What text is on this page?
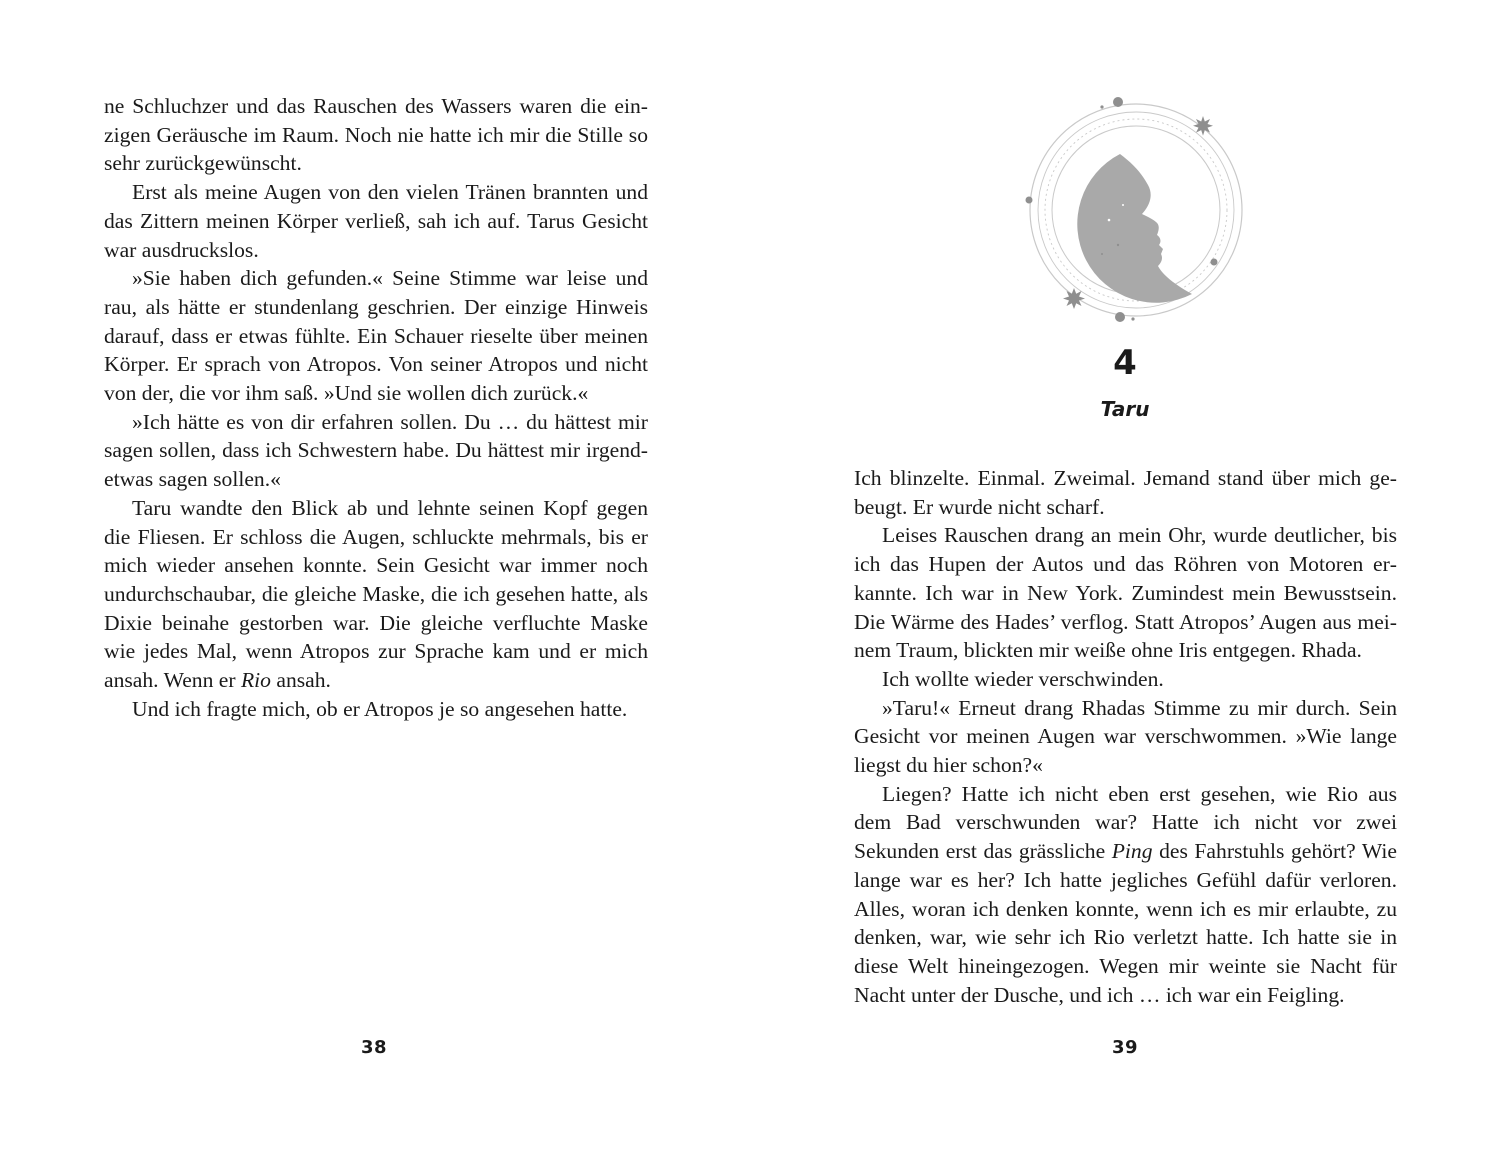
ne Schluchzer und das Rauschen des Wassers waren die einzigen Geräusche im Raum. Noch nie hatte ich mir die Stille so sehr zurückgewünscht.

Erst als meine Augen von den vielen Tränen brannten und das Zittern meinen Körper verließ, sah ich auf. Tarus Gesicht war ausdruckslos.

»Sie haben dich gefunden.« Seine Stimme war leise und rau, als hätte er stundenlang geschrien. Der einzige Hinweis darauf, dass er etwas fühlte. Ein Schauer rieselte über meinen Körper. Er sprach von Atropos. Von seiner Atropos und nicht von der, die vor ihm saß. »Und sie wollen dich zurück.«

»Ich hätte es von dir erfahren sollen. Du … du hättest mir sagen sollen, dass ich Schwestern habe. Du hättest mir irgendetwas sagen sollen.«

Taru wandte den Blick ab und lehnte seinen Kopf gegen die Fliesen. Er schloss die Augen, schluckte mehrmals, bis er mich wieder ansehen konnte. Sein Gesicht war immer noch undurchschaubar, die gleiche Maske, die ich gesehen hatte, als Dixie beinahe gestorben war. Die gleiche verfluchte Maske wie jedes Mal, wenn Atropos zur Sprache kam und er mich ansah. Wenn er Rio ansah.

Und ich fragte mich, ob er Atropos je so angesehen hatte.

38
4
Taru

Ich blinzelte. Einmal. Zweimal. Jemand stand über mich gebeugt. Er wurde nicht scharf.

Leises Rauschen drang an mein Ohr, wurde deutlicher, bis ich das Hupen der Autos und das Röhren von Motoren erkannte. Ich war in New York. Zumindest mein Bewusstsein. Die Wärme des Hades’ verflog. Statt Atropos’ Augen aus meinem Traum, blickten mir weiße ohne Iris entgegen. Rhada.

Ich wollte wieder verschwinden.

»Taru!« Erneut drang Rhadas Stimme zu mir durch. Sein Gesicht vor meinen Augen war verschwommen. »Wie lange liegst du hier schon?«

Liegen? Hatte ich nicht eben erst gesehen, wie Rio aus dem Bad verschwunden war? Hatte ich nicht vor zwei Sekunden erst das grässliche Ping des Fahrstuhls gehört? Wie lange war es her? Ich hatte jegliches Gefühl dafür verloren. Alles, woran ich denken konnte, wenn ich es mir erlaubte, zu denken, war, wie sehr ich Rio verletzt hatte. Ich hatte sie in diese Welt hineingezogen. Wegen mir weinte sie Nacht für Nacht unter der Dusche, und ich … ich war ein Feigling.

39
